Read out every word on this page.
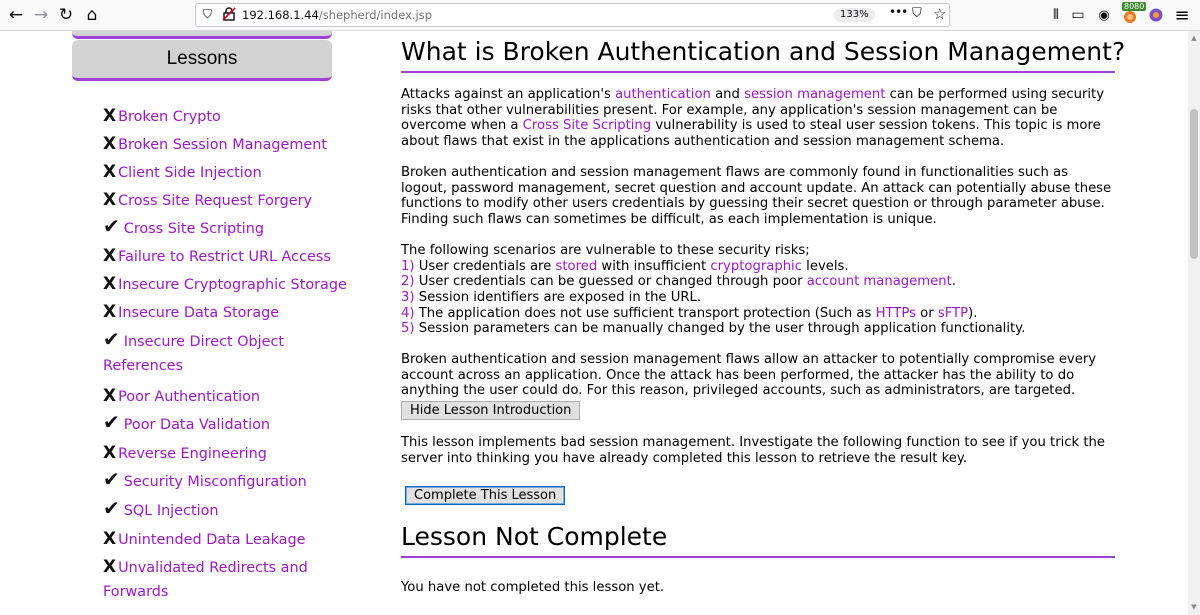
← → ↻ ⌂	⛉	192.168.1.44/shepherd/index.jsp	133%	••• ⛉ ☆	⫴ ▭	◉
8080 ≡
▲
▼
Lessons
X Broken Crypto
X Broken Session Management
X Client Side Injection
X Cross Site Request Forgery
✔ Cross Site Scripting
X Failure to Restrict URL Access
X Insecure Cryptographic Storage
X Insecure Data Storage
✔ Insecure Direct Object
References
X Poor Authentication
✔ Poor Data Validation
X Reverse Engineering
✔ Security Misconfiguration
✔ SQL Injection
X Unintended Data Leakage
X Unvalidated Redirects and
Forwards
What is Broken Authentication and Session Management?
Attacks against an application's authentication and session management can be performed using security risks that other vulnerabilities present. For example, any application's session management can be overcome when a Cross Site Scripting vulnerability is used to steal user session tokens. This topic is more about flaws that exist in the applications authentication and session management schema.
Broken authentication and session management flaws are commonly found in functionalities such as logout, password management, secret question and account update. An attack can potentially abuse these functions to modify other users credentials by guessing their secret question or through parameter abuse. Finding such flaws can sometimes be difficult, as each implementation is unique.
The following scenarios are vulnerable to these security risks;
1) User credentials are stored with insufficient cryptographic levels.
2) User credentials can be guessed or changed through poor account management.
3) Session identifiers are exposed in the URL.
4) The application does not use sufficient transport protection (Such as HTTPs or sFTP).
5) Session parameters can be manually changed by the user through application functionality.
Broken authentication and session management flaws allow an attacker to potentially compromise every account across an application. Once the attack has been performed, the attacker has the ability to do anything the user could do. For this reason, privileged accounts, such as administrators, are targeted.
Hide Lesson Introduction
This lesson implements bad session management. Investigate the following function to see if you trick the server into thinking you have already completed this lesson to retrieve the result key.
Complete This Lesson
Lesson Not Complete
You have not completed this lesson yet.
